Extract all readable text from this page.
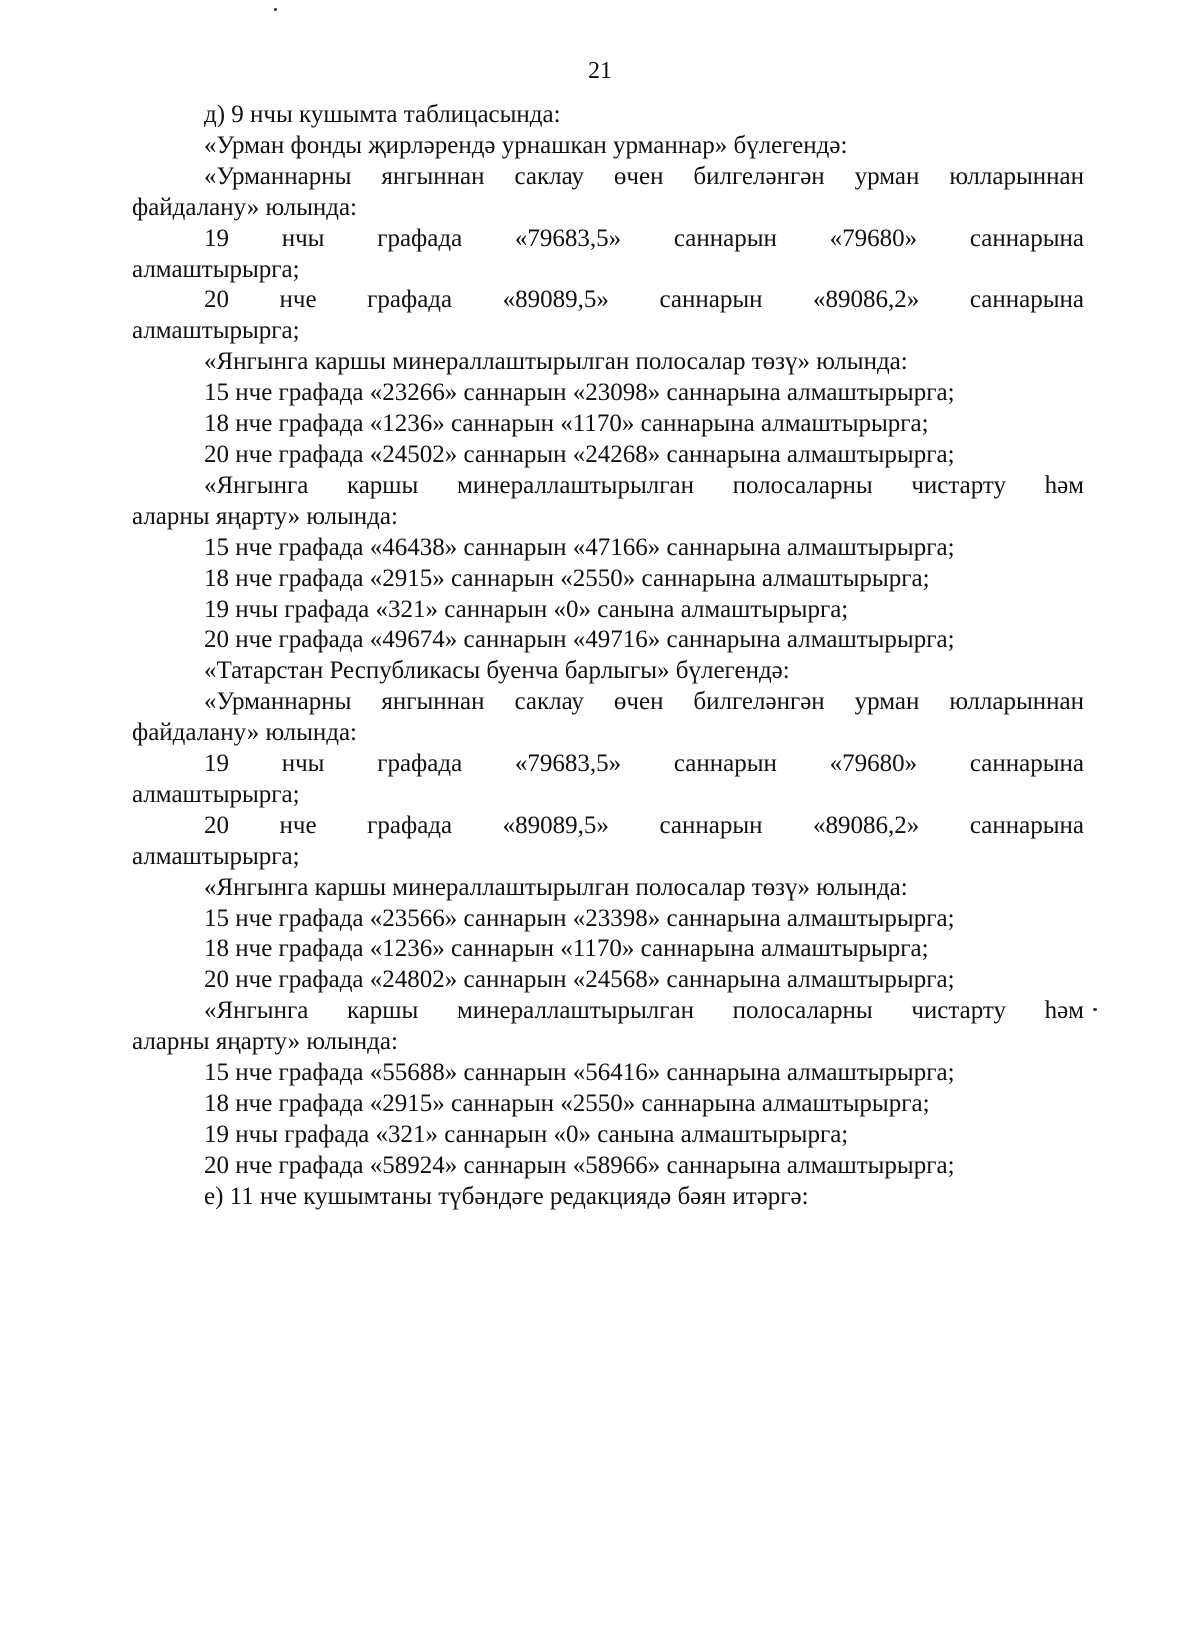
21
д) 9 нчы кушымта таблицасында:
«Урман фонды җирләрендә урнашкан урманнар» бүлегендә:
«Урманнарны янгыннан саклау өчен билгеләнгән урман юлларыннан
файдалану» юлында:
19 нчы графада «79683,5» саннарын «79680» саннарына
алмаштырырга;
20 нче графада «89089,5» саннарын «89086,2» саннарына
алмаштырырга;
«Янгынга каршы минераллаштырылган полосалар төзү» юлында:
15 нче графада «23266» саннарын «23098» саннарына алмаштырырга;
18 нче графада «1236» саннарын «1170» саннарына алмаштырырга;
20 нче графада «24502» саннарын «24268» саннарына алмаштырырга;
«Янгынга каршы минераллаштырылган полосаларны чистарту һәм
аларны яңарту» юлында:
15 нче графада «46438» саннарын «47166» саннарына алмаштырырга;
18 нче графада «2915» саннарын «2550» саннарына алмаштырырга;
19 нчы графада «321» саннарын «0» санына алмаштырырга;
20 нче графада «49674» саннарын «49716» саннарына алмаштырырга;
«Татарстан Республикасы буенча барлыгы» бүлегендә:
«Урманнарны янгыннан саклау өчен билгеләнгән урман юлларыннан
файдалану» юлында:
19 нчы графада «79683,5» саннарын «79680» саннарына
алмаштырырга;
20 нче графада «89089,5» саннарын «89086,2» саннарына
алмаштырырга;
«Янгынга каршы минераллаштырылган полосалар төзү» юлында:
15 нче графада «23566» саннарын «23398» саннарына алмаштырырга;
18 нче графада «1236» саннарын «1170» саннарына алмаштырырга;
20 нче графада «24802» саннарын «24568» саннарына алмаштырырга;
«Янгынга каршы минераллаштырылган полосаларны чистарту һәм
аларны яңарту» юлында:
15 нче графада «55688» саннарын «56416» саннарына алмаштырырга;
18 нче графада «2915» саннарын «2550» саннарына алмаштырырга;
19 нчы графада «321» саннарын «0» санына алмаштырырга;
20 нче графада «58924» саннарын «58966» саннарына алмаштырырга;
е) 11 нче кушымтаны түбәндәге редакциядә бәян итәргә:
